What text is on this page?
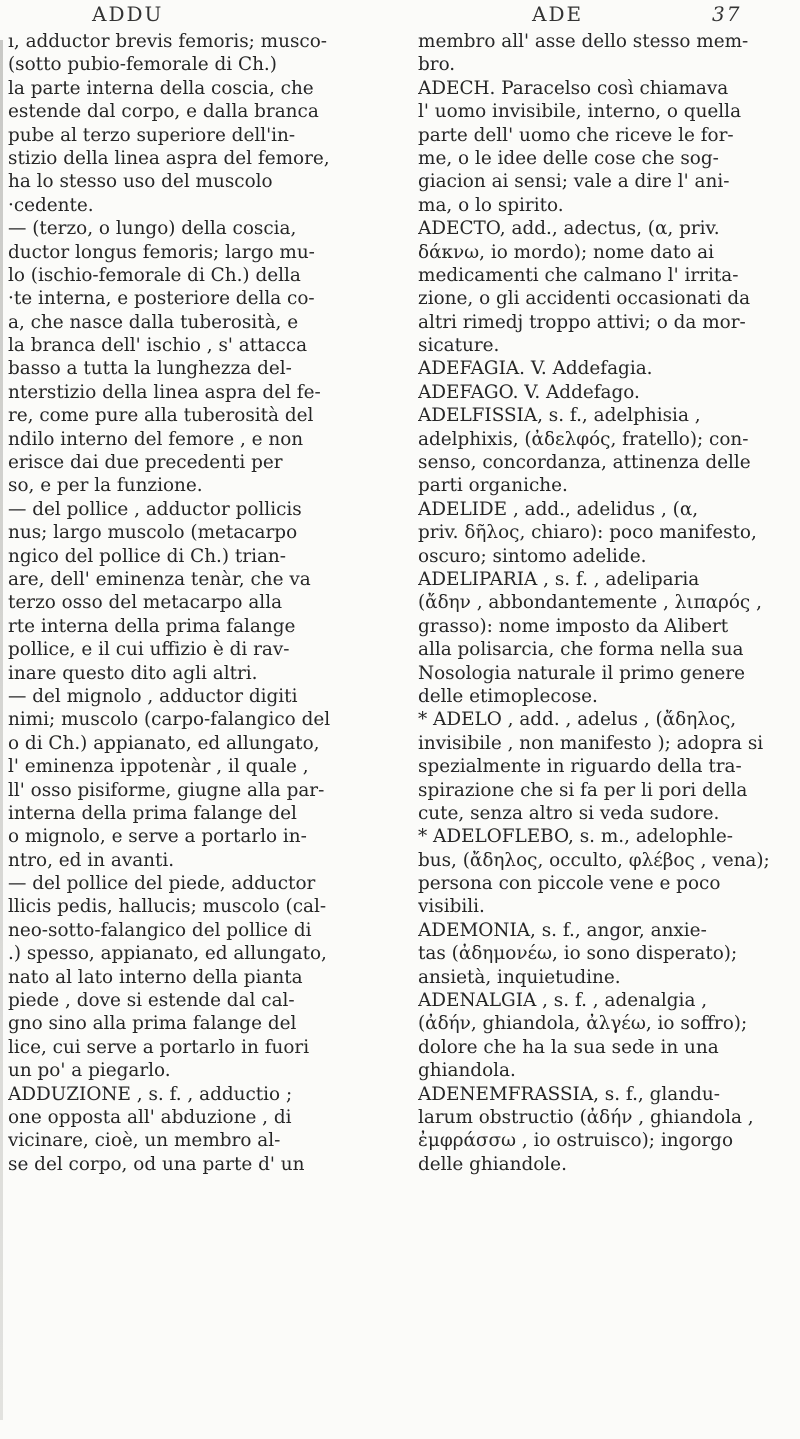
ADDU	ADE	37
ı, adductor brevis femoris; musco-
(sotto pubio-femorale di Ch.)
la parte interna della coscia, che
estende dal corpo, e dalla branca
pube al terzo superiore dell'in-
stizio della linea aspra del femore,
ha lo stesso uso del muscolo
·cedente.
— (terzo, o lungo) della coscia,
ductor longus femoris; largo mu-
lo (ischio-femorale di Ch.) della
·te interna, e posteriore della co-
a, che nasce dalla tuberosità, e
la branca dell' ischio , s' attacca
basso a tutta la lunghezza del-
nterstizio della linea aspra del fe-
re, come pure alla tuberosità del
ndilo interno del femore , e non
erisce dai due precedenti per
so, e per la funzione.
— del pollice , adductor pollicis
nus; largo muscolo (metacarpo
ngico del pollice di Ch.) trian-
are, dell' eminenza tenàr, che va
terzo osso del metacarpo alla
rte interna della prima falange
pollice, e il cui uffizio è di rav-
inare questo dito agli altri.
— del mignolo , adductor digiti
nimi; muscolo (carpo-falangico del
o di Ch.) appianato, ed allungato,
l' eminenza ippotenàr , il quale ,
ll' osso pisiforme, giugne alla par-
interna della prima falange del
o mignolo, e serve a portarlo in-
ntro, ed in avanti.
— del pollice del piede, adductor
llicis pedis, hallucis; muscolo (cal-
neo-sotto-falangico del pollice di
.) spesso, appianato, ed allungato,
nato al lato interno della pianta
piede , dove si estende dal cal-
gno sino alla prima falange del
lice, cui serve a portarlo in fuori
un po' a piegarlo.
ADDUZIONE , s. f. , adductio ;
one opposta all' abduzione , di
vicinare, cioè, un membro al-
se del corpo, od una parte d' un
membro all' asse dello stesso mem-
bro.
ADECH. Paracelso così chiamava
l' uomo invisibile, interno, o quella
parte dell' uomo che riceve le for-
me, o le idee delle cose che sog-
giacion ai sensi; vale a dire l' ani-
ma, o lo spirito.
ADECTO, add., adectus, (α, priv.
δάκνω, io mordo); nome dato ai
medicamenti che calmano l' irrita-
zione, o gli accidenti occasionati da
altri rimedj troppo attivi; o da mor-
sicature.
ADEFAGIA. V. Addefagia.
ADEFAGO. V. Addefago.
ADELFISSIA, s. f., adelphisia ,
adelphixis, (ἀδελφός, fratello); con-
senso, concordanza, attinenza delle
parti organiche.
ADELIDE , add., adelidus , (α,
priv. δῆλος, chiaro): poco manifesto,
oscuro; sintomo adelide.
ADELIPARIA , s. f. , adeliparia
(ἄδην , abbondantemente , λιπαρός ,
grasso): nome imposto da Alibert
alla polisarcia, che forma nella sua
Nosologia naturale il primo genere
delle etimoplecose.
* ADELO , add. , adelus , (ἄδηλος,
invisibile , non manifesto ); adopra si
spezialmente in riguardo della tra-
spirazione che si fa per li pori della
cute, senza altro si veda sudore.
* ADELOFLEBO, s. m., adelophle-
bus, (ἄδηλος, occulto, φλέβος , vena);
persona con piccole vene e poco
visibili.
ADEMONIA, s. f., angor, anxie-
tas (ἀδημονέω, io sono disperato);
ansietà, inquietudine.
ADENALGIA , s. f. , adenalgia ,
(ἀδήν, ghiandola, ἀλγέω, io soffro);
dolore che ha la sua sede in una
ghiandola.
ADENEMFRASSIA, s. f., glandu-
larum obstructio (ἀδήν , ghiandola ,
ἐμφράσσω , io ostruisco); ingorgo
delle ghiandole.
